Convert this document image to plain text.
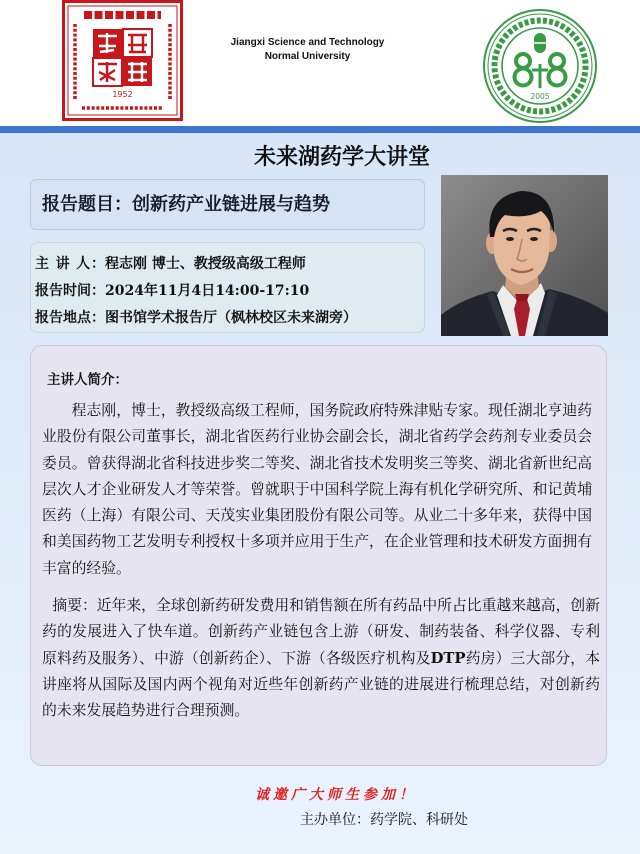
1952
Jiangxi Science and Technology
Normal University
2005
未来湖药学大讲堂
报告题目：创新药产业链进展与趋势
主 讲 人：程志刚 博士、教授级高级工程师
报告时间：2024年11月4日14:00-17:10
报告地点：图书馆学术报告厅（枫林校区未来湖旁）
主讲人简介：

程志刚，博士，教授级高级工程师，国务院政府特殊津贴专家。现任湖北亨迪药业股份有限公司董事长，湖北省医药行业协会副会长，湖北省药学会药剂专业委员会委员。曾获得湖北省科技进步奖二等奖、湖北省技术发明奖三等奖、湖北省新世纪高层次人才企业研发人才等荣誉。曾就职于中国科学院上海有机化学研究所、和记黄埔医药（上海）有限公司、天茂实业集团股份有限公司等。从业二十多年来，获得中国和美国药物工艺发明专利授权十多项并应用于生产，在企业管理和技术研发方面拥有丰富的经验。

摘要：近年来，全球创新药研发费用和销售额在所有药品中所占比重越来越高，创新药的发展进入了快车道。创新药产业链包含上游（研发、制药装备、科学仪器、专利原料药及服务）、中游（创新药企）、下游（各级医疗机构及DTP药房）三大部分，本讲座将从国际及国内两个视角对近些年创新药产业链的进展进行梳理总结，对创新药的未来发展趋势进行合理预测。

诚邀广大师生参加！
主办单位：药学院、科研处
